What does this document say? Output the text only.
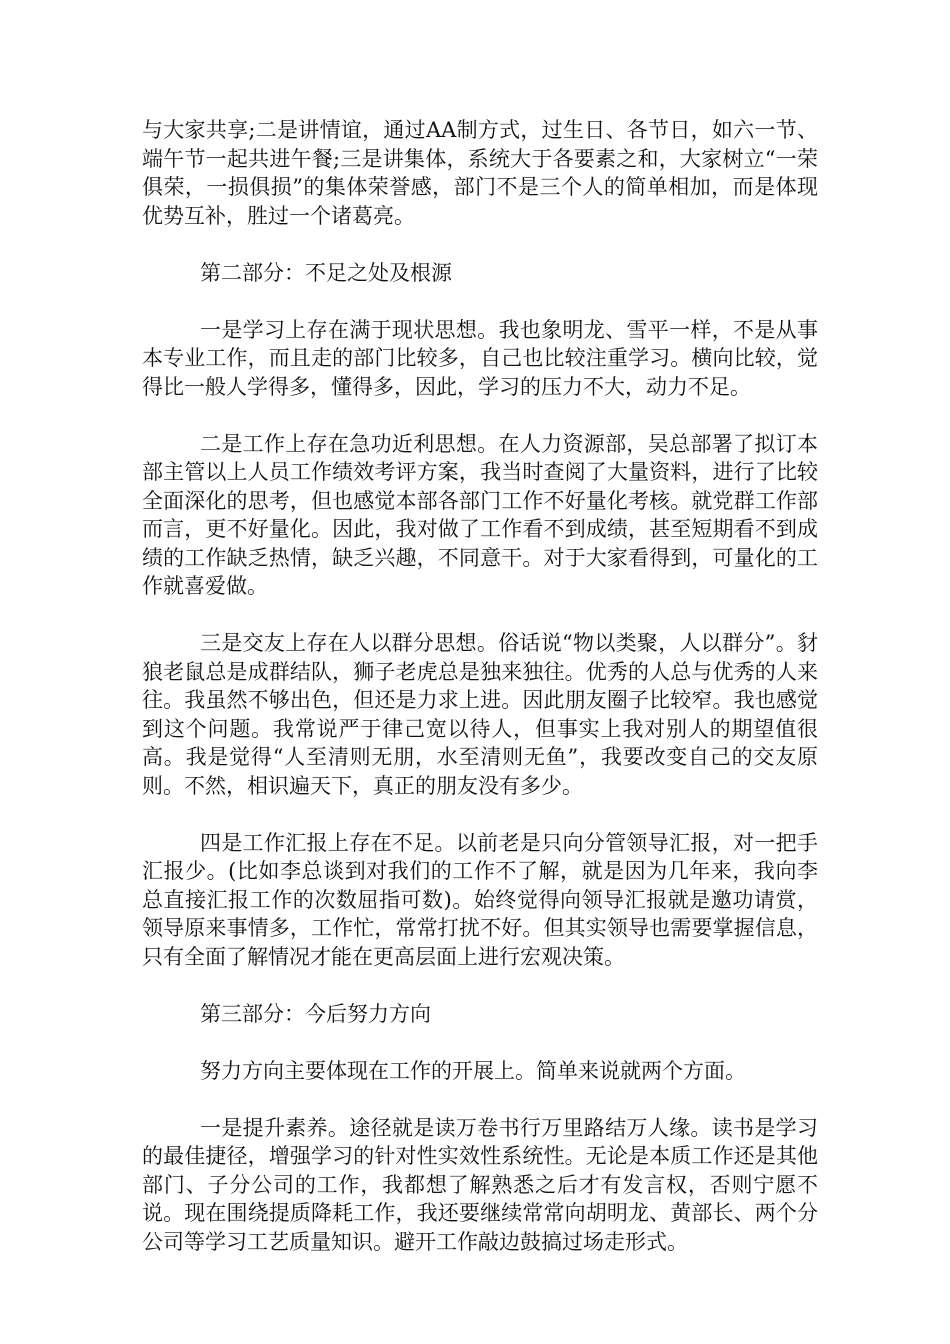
与大家共享;二是讲情谊，通过AA制方式，过生日、各节日，如六一节、端午节一起共进午餐;三是讲集体，系统大于各要素之和，大家树立“一荣俱荣，一损俱损”的集体荣誉感，部门不是三个人的简单相加，而是体现优势互补，胜过一个诸葛亮。

第二部分：不足之处及根源

一是学习上存在满于现状思想。我也象明龙、雪平一样，不是从事本专业工作，而且走的部门比较多，自己也比较注重学习。横向比较，觉得比一般人学得多，懂得多，因此，学习的压力不大，动力不足。

二是工作上存在急功近利思想。在人力资源部，吴总部署了拟订本部主管以上人员工作绩效考评方案，我当时查阅了大量资料，进行了比较全面深化的思考，但也感觉本部各部门工作不好量化考核。就党群工作部而言，更不好量化。因此，我对做了工作看不到成绩，甚至短期看不到成绩的工作缺乏热情，缺乏兴趣，不同意干。对于大家看得到，可量化的工作就喜爱做。

三是交友上存在人以群分思想。俗话说“物以类聚，人以群分”。豺狼老鼠总是成群结队，狮子老虎总是独来独往。优秀的人总与优秀的人来往。我虽然不够出色，但还是力求上进。因此朋友圈子比较窄。我也感觉到这个问题。我常说严于律己宽以待人，但事实上我对别人的期望值很高。我是觉得“人至清则无朋，水至清则无鱼”，我要改变自己的交友原则。不然，相识遍天下，真正的朋友没有多少。

四是工作汇报上存在不足。以前老是只向分管领导汇报，对一把手汇报少。(比如李总谈到对我们的工作不了解，就是因为几年来，我向李总直接汇报工作的次数屈指可数)。始终觉得向领导汇报就是邀功请赏，领导原来事情多，工作忙，常常打扰不好。但其实领导也需要掌握信息，只有全面了解情况才能在更高层面上进行宏观决策。

第三部分：今后努力方向

努力方向主要体现在工作的开展上。简单来说就两个方面。

一是提升素养。途径就是读万卷书行万里路结万人缘。读书是学习的最佳捷径，增强学习的针对性实效性系统性。无论是本质工作还是其他部门、子分公司的工作，我都想了解熟悉之后才有发言权，否则宁愿不说。现在围绕提质降耗工作，我还要继续常常向胡明龙、黄部长、两个分公司等学习工艺质量知识。避开工作敲边鼓搞过场走形式。
